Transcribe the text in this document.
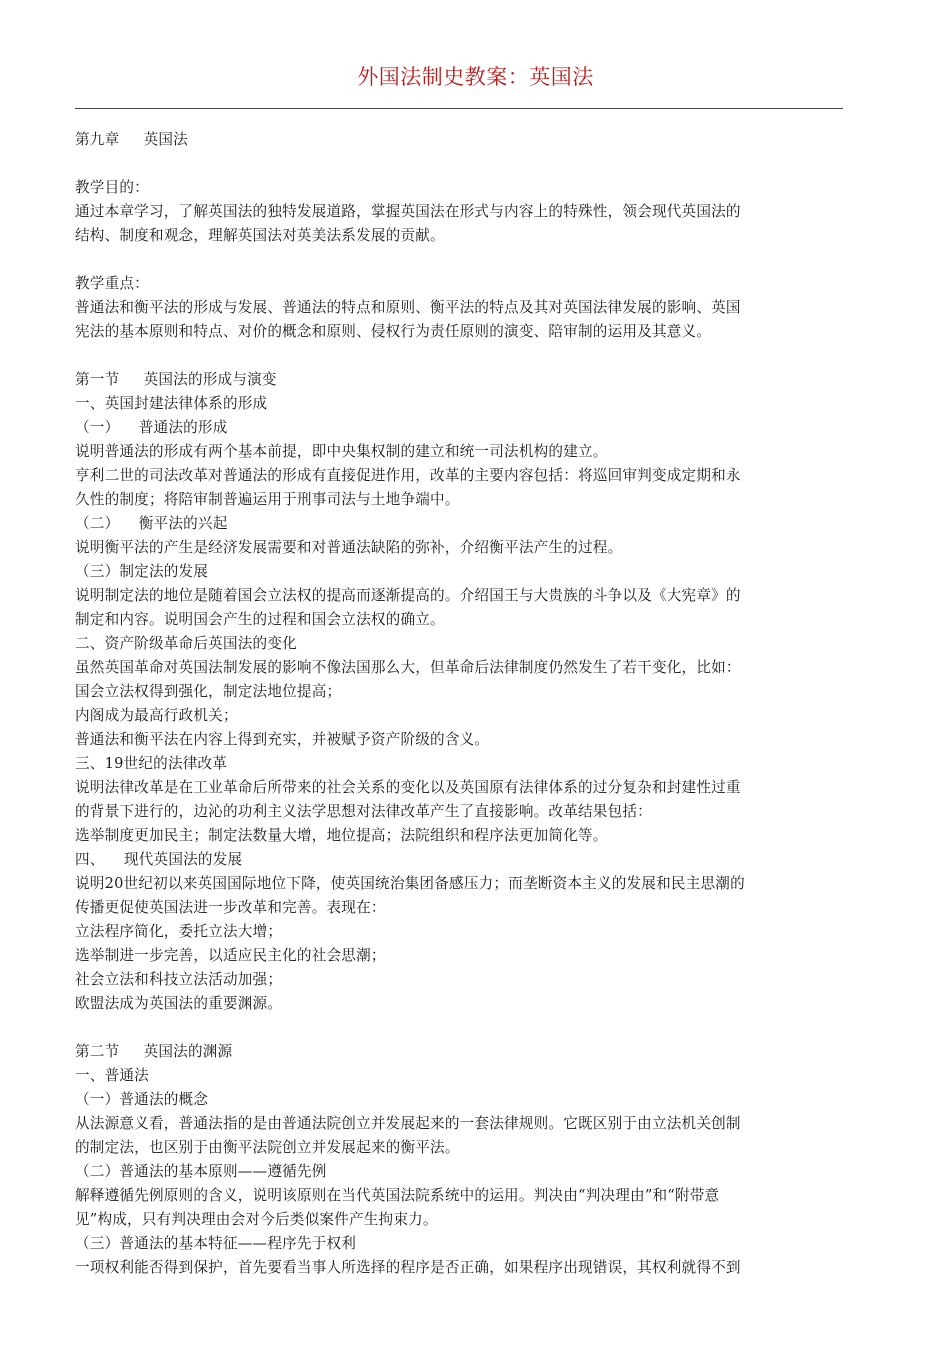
外国法制史教案：英国法

第九章     英国法

教学目的：

通过本章学习，了解英国法的独特发展道路，掌握英国法在形式与内容上的特殊性，领会现代英国法的

结构、制度和观念，理解英国法对英美法系发展的贡献。

教学重点：

普通法和衡平法的形成与发展、普通法的特点和原则、衡平法的特点及其对英国法律发展的影响、英国

宪法的基本原则和特点、对价的概念和原则、侵权行为责任原则的演变、陪审制的运用及其意义。

第一节     英国法的形成与演变

一、英国封建法律体系的形成

（一）    普通法的形成

说明普通法的形成有两个基本前提，即中央集权制的建立和统一司法机构的建立。

亨利二世的司法改革对普通法的形成有直接促进作用，改革的主要内容包括：将巡回审判变成定期和永

久性的制度；将陪审制普遍运用于刑事司法与土地争端中。

（二）    衡平法的兴起

说明衡平法的产生是经济发展需要和对普通法缺陷的弥补，介绍衡平法产生的过程。

（三）制定法的发展

说明制定法的地位是随着国会立法权的提高而逐渐提高的。介绍国王与大贵族的斗争以及《大宪章》的

制定和内容。说明国会产生的过程和国会立法权的确立。

二、资产阶级革命后英国法的变化

虽然英国革命对英国法制发展的影响不像法国那么大，但革命后法律制度仍然发生了若干变化，比如：

国会立法权得到强化，制定法地位提高；

内阁成为最高行政机关；

普通法和衡平法在内容上得到充实，并被赋予资产阶级的含义。

三、19世纪的法律改革

说明法律改革是在工业革命后所带来的社会关系的变化以及英国原有法律体系的过分复杂和封建性过重

的背景下进行的，边沁的功利主义法学思想对法律改革产生了直接影响。改革结果包括：

选举制度更加民主；制定法数量大增，地位提高；法院组织和程序法更加简化等。

四、    现代英国法的发展

说明20世纪初以来英国国际地位下降，使英国统治集团备感压力；而垄断资本主义的发展和民主思潮的

传播更促使英国法进一步改革和完善。表现在：

立法程序简化，委托立法大增；

选举制进一步完善，以适应民主化的社会思潮；

社会立法和科技立法活动加强；

欧盟法成为英国法的重要渊源。

第二节     英国法的渊源

一、普通法

（一）普通法的概念

从法源意义看，普通法指的是由普通法院创立并发展起来的一套法律规则。它既区别于由立法机关创制

的制定法，也区别于由衡平法院创立并发展起来的衡平法。

（二）普通法的基本原则——遵循先例

解释遵循先例原则的含义，说明该原则在当代英国法院系统中的运用。判决由“判决理由”和“附带意

见”构成，只有判决理由会对今后类似案件产生拘束力。

（三）普通法的基本特征——程序先于权利

一项权利能否得到保护，首先要看当事人所选择的程序是否正确，如果程序出现错误，其权利就得不到
